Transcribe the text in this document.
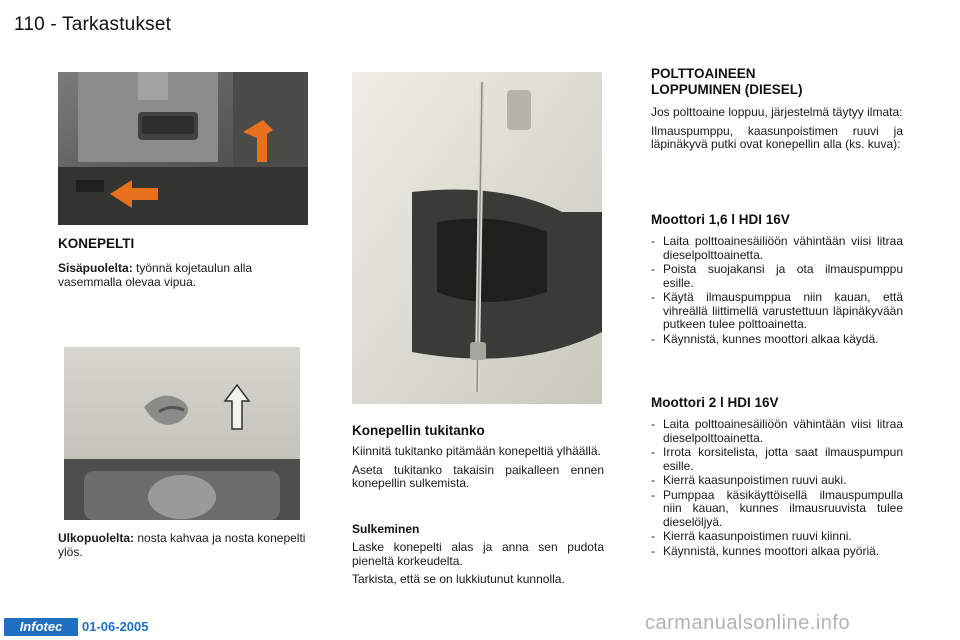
110 - Tarkastukset
KONEPELTI

Sisäpuolelta: työnnä kojetaulun alla vasemmalla olevaa vipua.

Ulkopuolelta: nosta kahvaa ja nosta konepelti ylös.

Konepellin tukitanko

Kiinnitä tukitanko pitämään konepeltiä ylhäällä.

Aseta tukitanko takaisin paikalleen ennen konepellin sulkemista.

Sulkeminen

Laske konepelti alas ja anna sen pudota pieneltä korkeudelta.

Tarkista, että se on lukkiutunut kunnolla.

POLTTOAINEEN
LOPPUMINEN (DIESEL)

Jos polttoaine loppuu, järjestelmä täytyy ilmata:

Ilmauspumppu, kaasunpoistimen ruuvi ja läpinäkyvä putki ovat konepellin alla (ks. kuva):

Moottori 1,6 l HDI 16V
- Laita polttoainesäiliöön vähintään viisi litraa dieselpolttoainetta.
- Poista suojakansi ja ota ilmauspumppu esille.
- Käytä ilmauspumppua niin kauan, että vihreällä liittimellä varustettuun läpinäkyvään putkeen tulee polttoainetta.
- Käynnistä, kunnes moottori alkaa käydä.
Moottori 2 l HDI 16V
- Laita polttoainesäiliöön vähintään viisi litraa dieselpolttoainetta.
- Irrota korsitelista, jotta saat ilmauspumpun esille.
- Kierrä kaasunpoistimen ruuvi auki.
- Pumppaa käsikäyttöisellä ilmauspumpulla niin kauan, kunnes ilmausruuvista tulee dieselöljyä.
- Kierrä kaasunpoistimen ruuvi kiinni.
- Käynnistä, kunnes moottori alkaa pyöriä.
Infotec	01-06-2005	carmanualsonline.info
